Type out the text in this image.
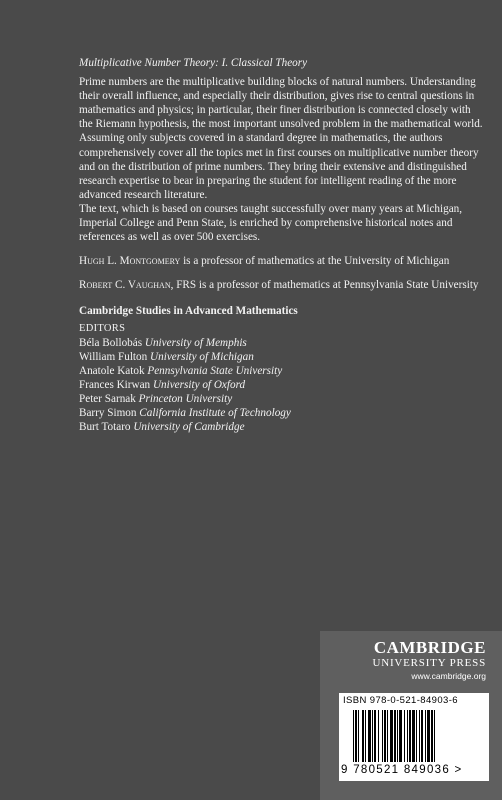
Multiplicative Number Theory: I. Classical Theory

Prime numbers are the multiplicative building blocks of natural numbers. Understanding their overall influence, and especially their distribution, gives rise to central questions in mathematics and physics; in particular, their finer distribution is connected closely with the Riemann hypothesis, the most important unsolved problem in the mathematical world.

Assuming only subjects covered in a standard degree in mathematics, the authors comprehensively cover all the topics met in first courses on multiplicative number theory and on the distribution of prime numbers. They bring their extensive and distinguished research expertise to bear in preparing the student for intelligent reading of the more advanced research literature.

The text, which is based on courses taught successfully over many years at Michigan, Imperial College and Penn State, is enriched by comprehensive historical notes and references as well as over 500 exercises.

Hugh L. Montgomery is a professor of mathematics at the University of Michigan

Robert C. Vaughan, FRS is a professor of mathematics at Pennsylvania State University

Cambridge Studies in Advanced Mathematics

EDITORS

Béla Bollobás University of Memphis

William Fulton University of Michigan

Anatole Katok Pennsylvania State University

Frances Kirwan University of Oxford

Peter Sarnak Princeton University

Barry Simon California Institute of Technology

Burt Totaro University of Cambridge

CAMBRIDGE
UNIVERSITY PRESS
www.cambridge.org
ISBN 978-0-521-84903-6
9 780521 849036 >
